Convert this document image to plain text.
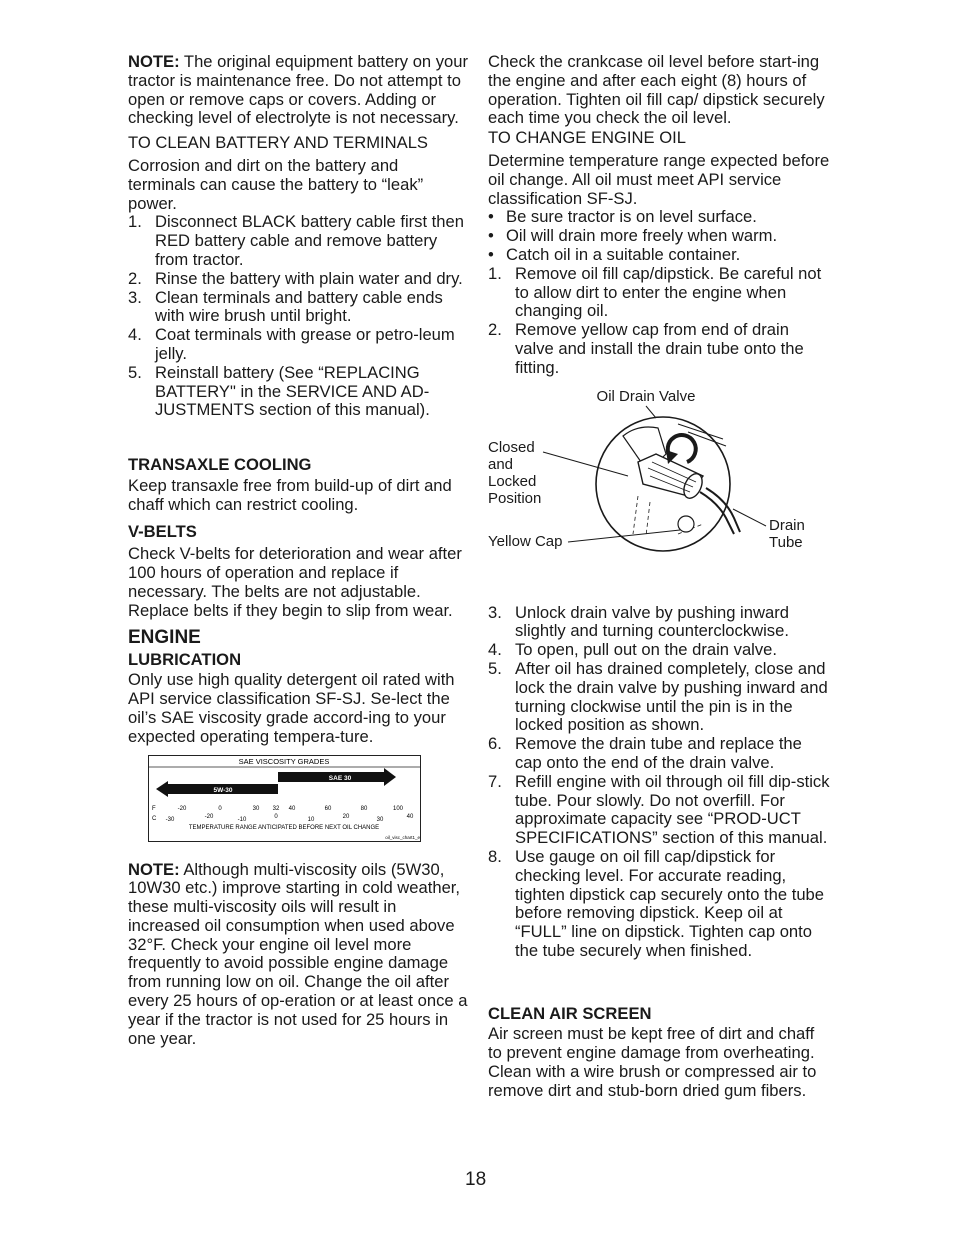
NOTE: The original equipment battery on your tractor is maintenance free. Do not attempt to open or remove caps or covers. Adding or checking level of electrolyte is not necessary.

TO CLEAN BATTERY AND TERMINALS

Corrosion and dirt on the battery and terminals can cause the battery to “leak” power.

1. Disconnect BLACK battery cable first then RED battery cable and remove battery from tractor.
2. Rinse the battery with plain water and dry.
3. Clean terminals and battery cable ends with wire brush until bright.
4. Coat terminals with grease or petro-leum jelly.
5. Reinstall battery (See “REPLACING BATTERY" in the SERVICE AND AD-JUSTMENTS section of this manual).

TRANSAXLE COOLING

Keep transaxle free from build-up of dirt and chaff which can restrict cooling.

V-BELTS

Check V-belts for deterioration and wear after 100 hours of operation and replace if necessary. The belts are not adjustable. Replace belts if they begin to slip from wear.

ENGINE

LUBRICATION

Only use high quality detergent oil rated with API service classification SF-SJ. Se-lect the oil’s SAE viscosity grade accord-ing to your expected operating tempera-ture.

SAE VISCOSITY GRADES
5W-30
SAE 30
F
C
-20	0	30 32 40	60	80	100
-30	-20	-10	0	10	20	30	40
TEMPERATURE RANGE ANTICIPATED BEFORE NEXT OIL CHANGE
oil_visc_chart1_e

NOTE: Although multi-viscosity oils (5W30, 10W30 etc.) improve starting in cold weather, these multi-viscosity oils will result in increased oil consumption when used above 32°F. Check your engine oil level more frequently to avoid possible engine damage from running low on oil. Change the oil after every 25 hours of op-eration or at least once a year if the tractor is not used for 25 hours in one year.

Check the crankcase oil level before start-ing the engine and after each eight (8) hours of operation. Tighten oil fill cap/ dipstick securely each time you check the oil level.

TO CHANGE ENGINE OIL

Determine temperature range expected before oil change. All oil must meet API service classification SF-SJ.

• Be sure tractor is on level surface.
• Oil will drain more freely when warm.
• Catch oil in a suitable container.
1. Remove oil fill cap/dipstick. Be careful not to allow dirt to enter the engine when changing oil.
2. Remove yellow cap from end of drain valve and install the drain tube onto the fitting.
Oil Drain Valve
Closed and Locked Position
Yellow Cap
Drain Tube
3. Unlock drain valve by pushing inward slightly and turning counterclockwise.
4. To open, pull out on the drain valve.
5. After oil has drained completely, close and lock the drain valve by pushing inward and turning clockwise until the pin is in the locked position as shown.
6. Remove the drain tube and replace the cap onto the end of the drain valve.
7. Refill engine with oil through oil fill dip-stick tube. Pour slowly. Do not overfill. For approximate capacity see “PROD-UCT SPECIFICATIONS” section of this manual.
8. Use gauge on oil fill cap/dipstick for checking level. For accurate reading, tighten dipstick cap securely onto the tube before removing dipstick. Keep oil at “FULL” line on dipstick. Tighten cap onto the tube securely when finished.

CLEAN AIR SCREEN

Air screen must be kept free of dirt and chaff to prevent engine damage from overheating. Clean with a wire brush or compressed air to remove dirt and stub-born dried gum fibers.

18
